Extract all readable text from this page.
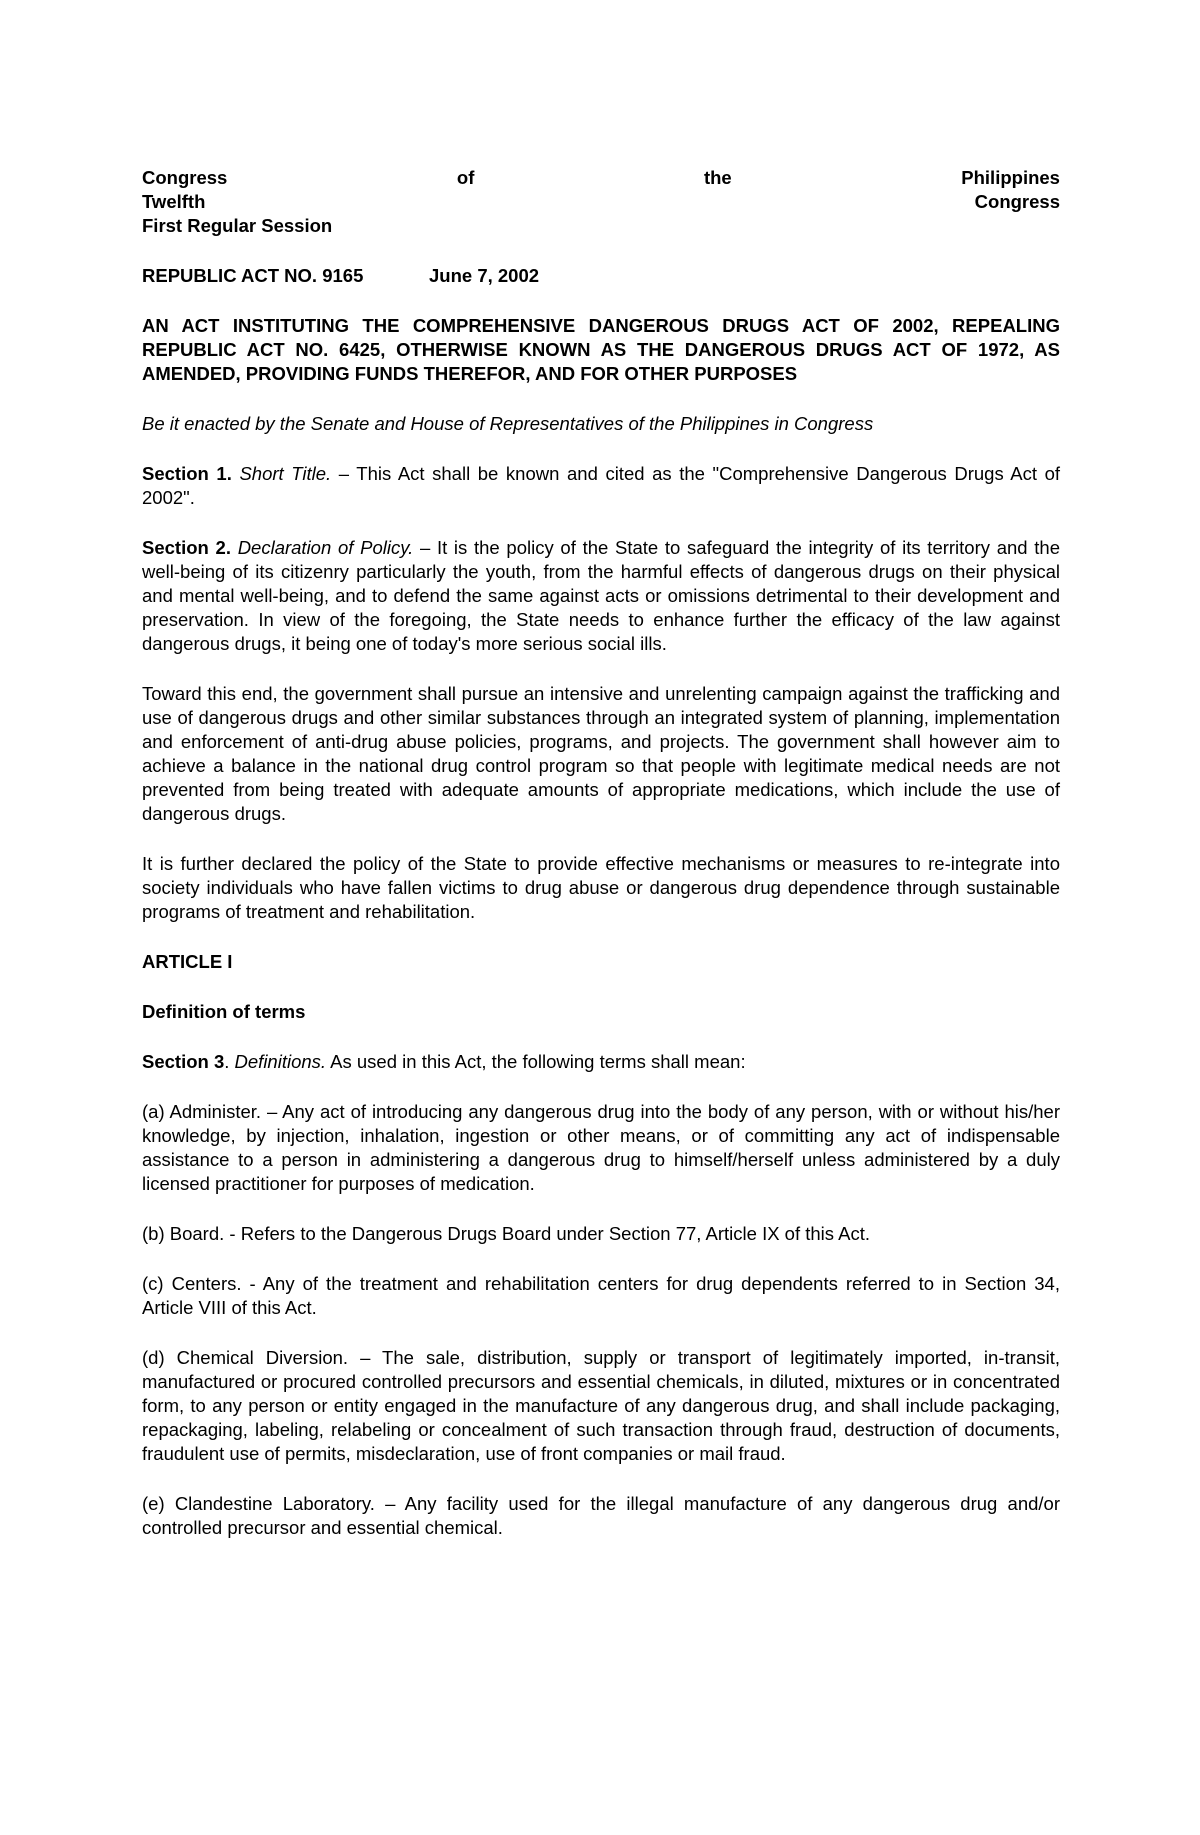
Congress	of	the	Philippines
Twelfth	Congress
First Regular Session
REPUBLIC ACT NO. 9165	June 7, 2002
AN ACT INSTITUTING THE COMPREHENSIVE DANGEROUS DRUGS ACT OF 2002, REPEALING REPUBLIC ACT NO. 6425, OTHERWISE KNOWN AS THE DANGEROUS DRUGS ACT OF 1972, AS AMENDED, PROVIDING FUNDS THEREFOR, AND FOR OTHER PURPOSES
Be it enacted by the Senate and House of Representatives of the Philippines in Congress
Section 1. Short Title. – This Act shall be known and cited as the "Comprehensive Dangerous Drugs Act of 2002".
Section 2. Declaration of Policy. – It is the policy of the State to safeguard the integrity of its territory and the well-being of its citizenry particularly the youth, from the harmful effects of dangerous drugs on their physical and mental well-being, and to defend the same against acts or omissions detrimental to their development and preservation. In view of the foregoing, the State needs to enhance further the efficacy of the law against dangerous drugs, it being one of today's more serious social ills.
Toward this end, the government shall pursue an intensive and unrelenting campaign against the trafficking and use of dangerous drugs and other similar substances through an integrated system of planning, implementation and enforcement of anti-drug abuse policies, programs, and projects. The government shall however aim to achieve a balance in the national drug control program so that people with legitimate medical needs are not prevented from being treated with adequate amounts of appropriate medications, which include the use of dangerous drugs.
It is further declared the policy of the State to provide effective mechanisms or measures to re-integrate into society individuals who have fallen victims to drug abuse or dangerous drug dependence through sustainable programs of treatment and rehabilitation.
ARTICLE I
Definition of terms
Section 3. Definitions. As used in this Act, the following terms shall mean:
(a) Administer. – Any act of introducing any dangerous drug into the body of any person, with or without his/her knowledge, by injection, inhalation, ingestion or other means, or of committing any act of indispensable assistance to a person in administering a dangerous drug to himself/herself unless administered by a duly licensed practitioner for purposes of medication.
(b) Board. - Refers to the Dangerous Drugs Board under Section 77, Article IX of this Act.
(c) Centers. - Any of the treatment and rehabilitation centers for drug dependents referred to in Section 34, Article VIII of this Act.
(d) Chemical Diversion. – The sale, distribution, supply or transport of legitimately imported, in-transit, manufactured or procured controlled precursors and essential chemicals, in diluted, mixtures or in concentrated form, to any person or entity engaged in the manufacture of any dangerous drug, and shall include packaging, repackaging, labeling, relabeling or concealment of such transaction through fraud, destruction of documents, fraudulent use of permits, misdeclaration, use of front companies or mail fraud.
(e) Clandestine Laboratory. – Any facility used for the illegal manufacture of any dangerous drug and/or controlled precursor and essential chemical.
